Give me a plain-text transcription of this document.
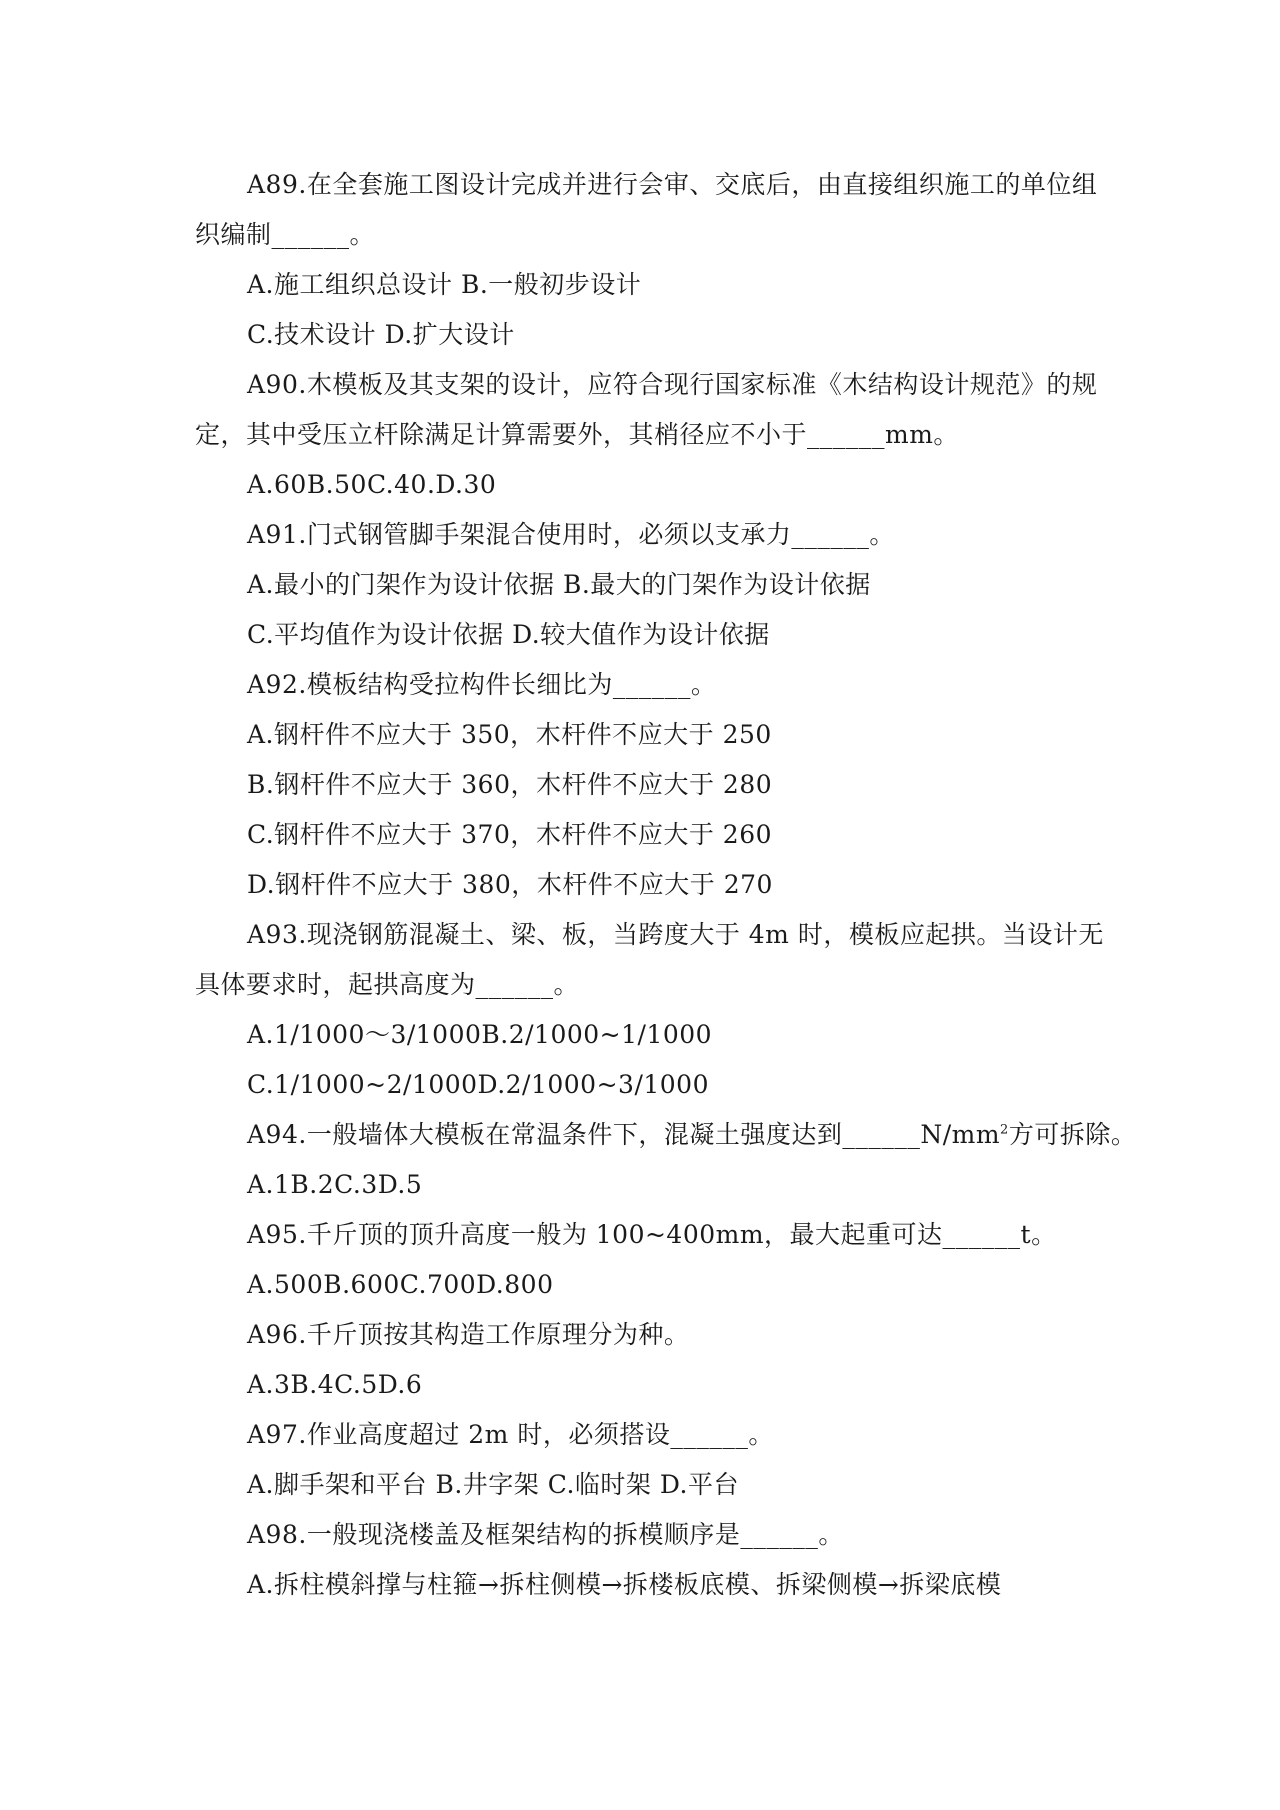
A89.在全套施工图设计完成并进行会审、交底后，由直接组织施工的单位组
织编制______。
A.施工组织总设计 B.一般初步设计
C.技术设计 D.扩大设计
A90.木模板及其支架的设计，应符合现行国家标准《木结构设计规范》的规
定，其中受压立杆除满足计算需要外，其梢径应不小于______mm。
A.60B.50C.40.D.30
A91.门式钢管脚手架混合使用时，必须以支承力______。
A.最小的门架作为设计依据 B.最大的门架作为设计依据
C.平均值作为设计依据 D.较大值作为设计依据
A92.模板结构受拉构件长细比为______。
A.钢杆件不应大于 350，木杆件不应大于 250
B.钢杆件不应大于 360，木杆件不应大于 280
C.钢杆件不应大于 370，木杆件不应大于 260
D.钢杆件不应大于 380，木杆件不应大于 270
A93.现浇钢筋混凝土、梁、板，当跨度大于 4m 时，模板应起拱。当设计无
具体要求时，起拱高度为______。
A.1/1000～3/1000B.2/1000~1/1000
C.1/1000~2/1000D.2/1000~3/1000
A94.一般墙体大模板在常温条件下，混凝土强度达到$\_\_\_\_\_\_N/mm^2$方可拆除。
A.1B.2C.3D.5
A95.千斤顶的顶升高度一般为 100~400mm，最大起重可达______t。
A.500B.600C.700D.800
A96.千斤顶按其构造工作原理分为种。
A.3B.4C.5D.6
A97.作业高度超过 2m 时，必须搭设______。
A.脚手架和平台 B.井字架 C.临时架 D.平台
A98.一般现浇楼盖及框架结构的拆模顺序是______。
A.拆柱模斜撑与柱箍→拆柱侧模→拆楼板底模、拆梁侧模→拆梁底模
